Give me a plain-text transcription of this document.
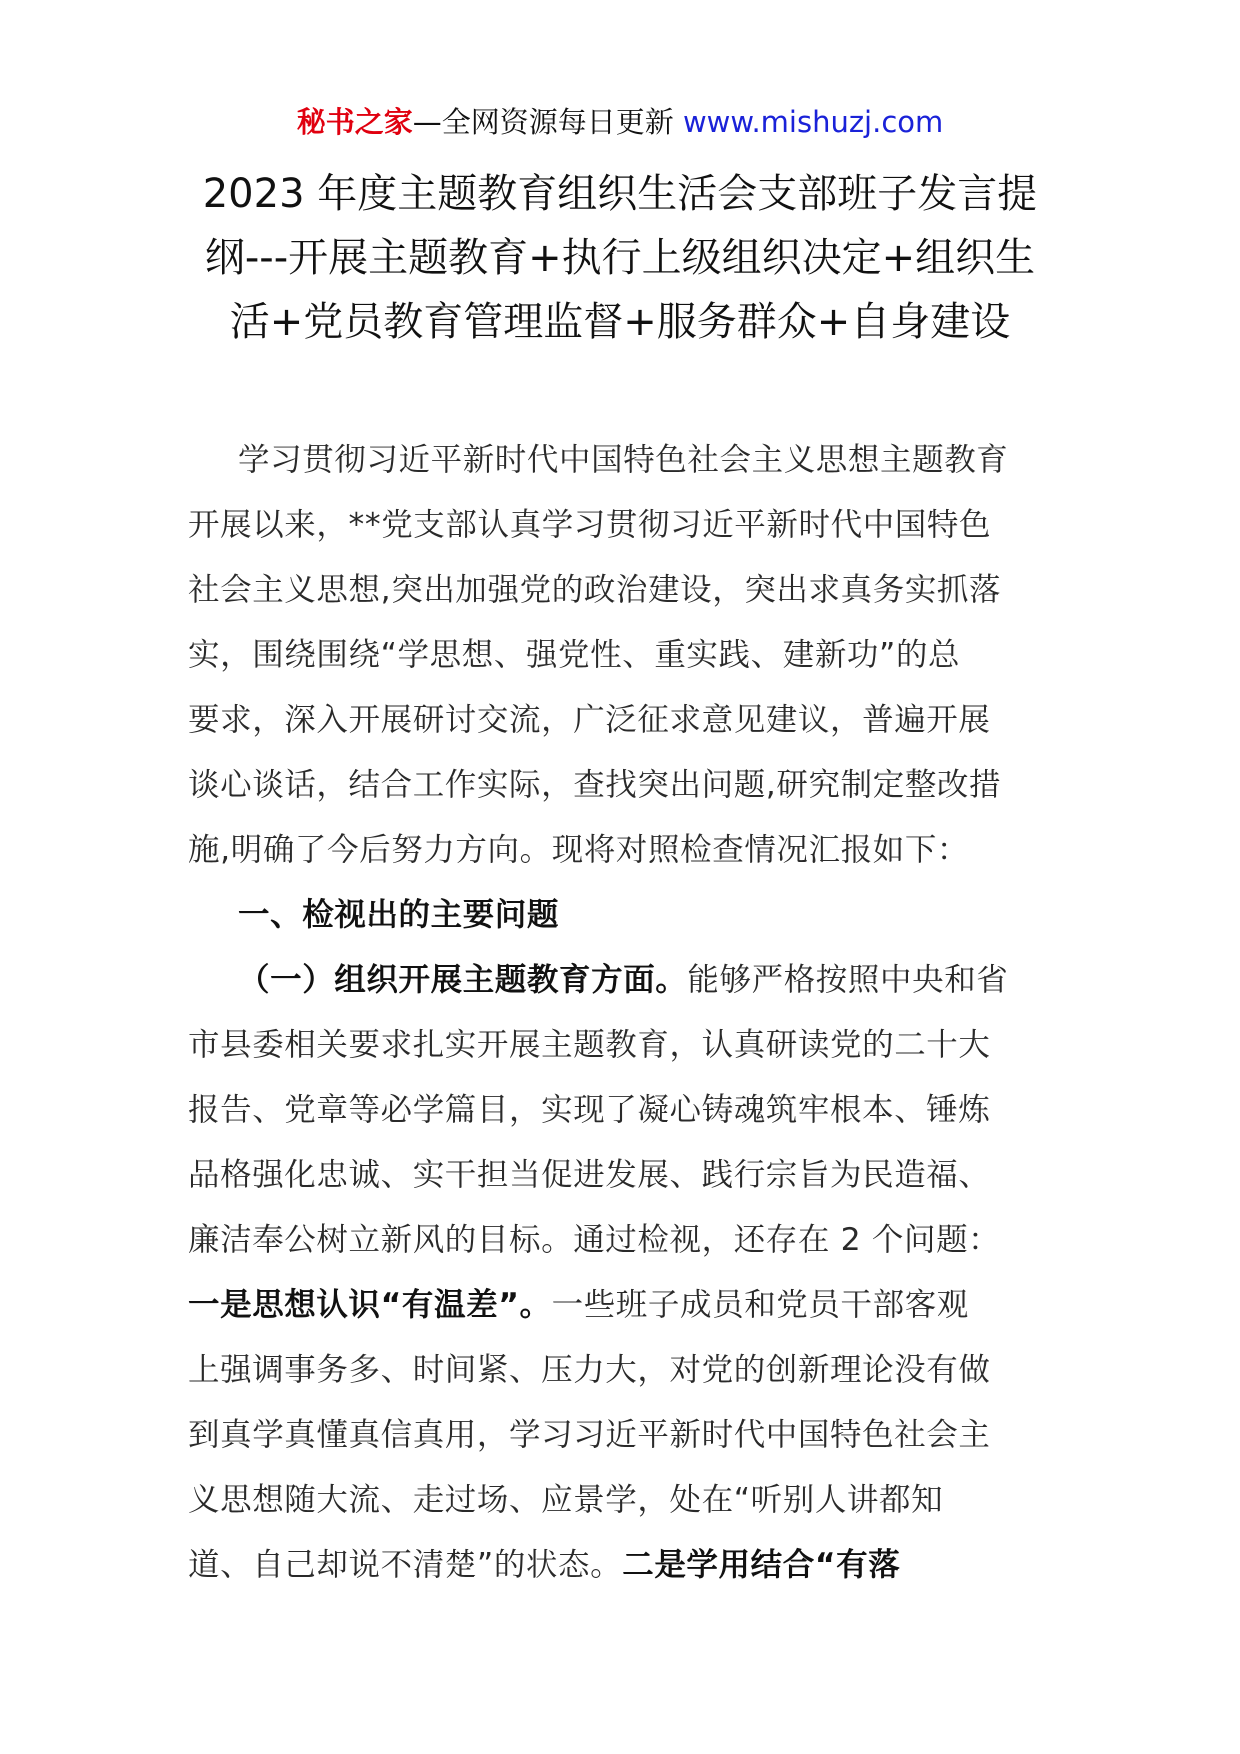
秘书之家—全网资源每日更新 www.mishuzj.com
2023 年度主题教育组织生活会支部班子发言提
纲---开展主题教育+执行上级组织决定+组织生
活+党员教育管理监督+服务群众+自身建设
学习贯彻习近平新时代中国特色社会主义思想主题教育
开展以来，**党支部认真学习贯彻习近平新时代中国特色
社会主义思想,突出加强党的政治建设，突出求真务实抓落
实，围绕围绕“学思想、强党性、重实践、建新功”的总
要求，深入开展研讨交流，广泛征求意见建议，普遍开展
谈心谈话，结合工作实际，查找突出问题,研究制定整改措
施,明确了今后努力方向。现将对照检查情况汇报如下：
一、检视出的主要问题
（一）组织开展主题教育方面。能够严格按照中央和省
市县委相关要求扎实开展主题教育，认真研读党的二十大
报告、党章等必学篇目，实现了凝心铸魂筑牢根本、锤炼
品格强化忠诚、实干担当促进发展、践行宗旨为民造福、
廉洁奉公树立新风的目标。通过检视，还存在 2 个问题：
一是思想认识“有温差”。一些班子成员和党员干部客观
上强调事务多、时间紧、压力大，对党的创新理论没有做
到真学真懂真信真用，学习习近平新时代中国特色社会主
义思想随大流、走过场、应景学，处在“听别人讲都知
道、自己却说不清楚”的状态。二是学用结合“有落
